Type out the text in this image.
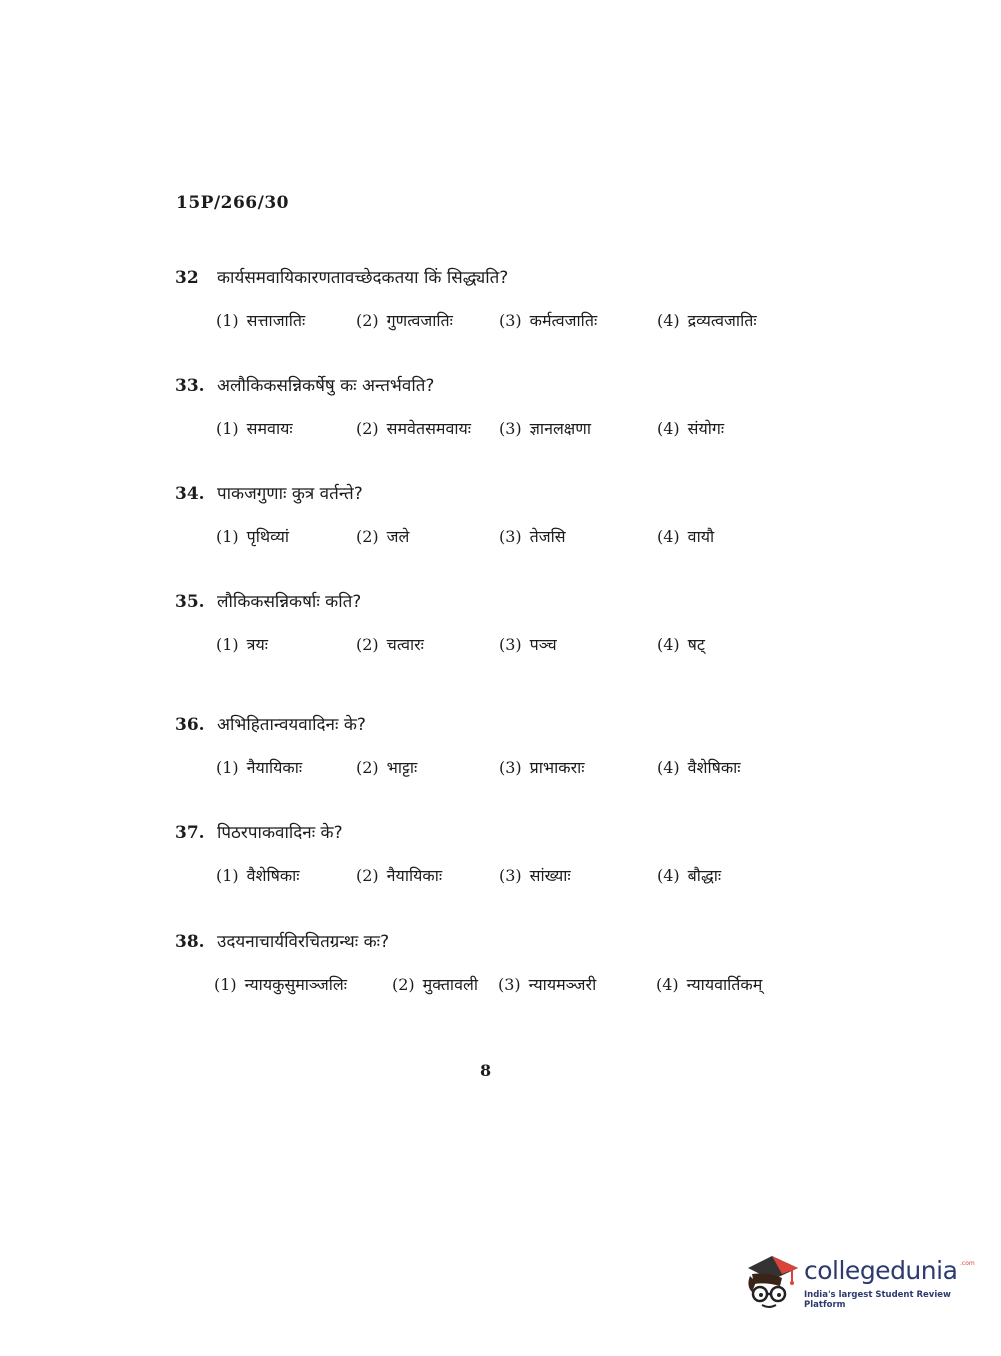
15P/266/30
32	कार्यसमवायिकारणतावच्छेदकतया किं सिद्ध्यति?
(1) सत्ताजातिः	(2) गुणत्वजातिः	(3) कर्मत्वजातिः	(4) द्रव्यत्वजातिः
33. अलौकिकसन्निकर्षेषु कः अन्तर्भवति?
(1) समवायः	(2) समवेतसमवायः (3) ज्ञानलक्षणा	(4) संयोगः
34. पाकजगुणाः कुत्र वर्तन्ते?
(1) पृथिव्यां	(2) जले	(3) तेजसि	(4) वायौ
35. लौकिकसन्निकर्षाः कति?
(1) त्रयः	(2) चत्वारः	(3) पञ्च	(4) षट्
36. अभिहितान्वयवादिनः के?
(1) नैयायिकाः	(2) भाट्टाः	(3) प्राभाकराः	(4) वैशेषिकाः
37. पिठरपाकवादिनः के?
(1) वैशेषिकाः	(2) नैयायिकाः	(3) सांख्याः	(4) बौद्धाः
38. उदयनाचार्यविरचितग्रन्थः कः?
(1) न्यायकुसुमाञ्जलिः	(2) मुक्तावली (3) न्यायमञ्जरी	(4) न्यायवार्तिकम्
8
collegedunia .com
India's largest Student Review Platform
